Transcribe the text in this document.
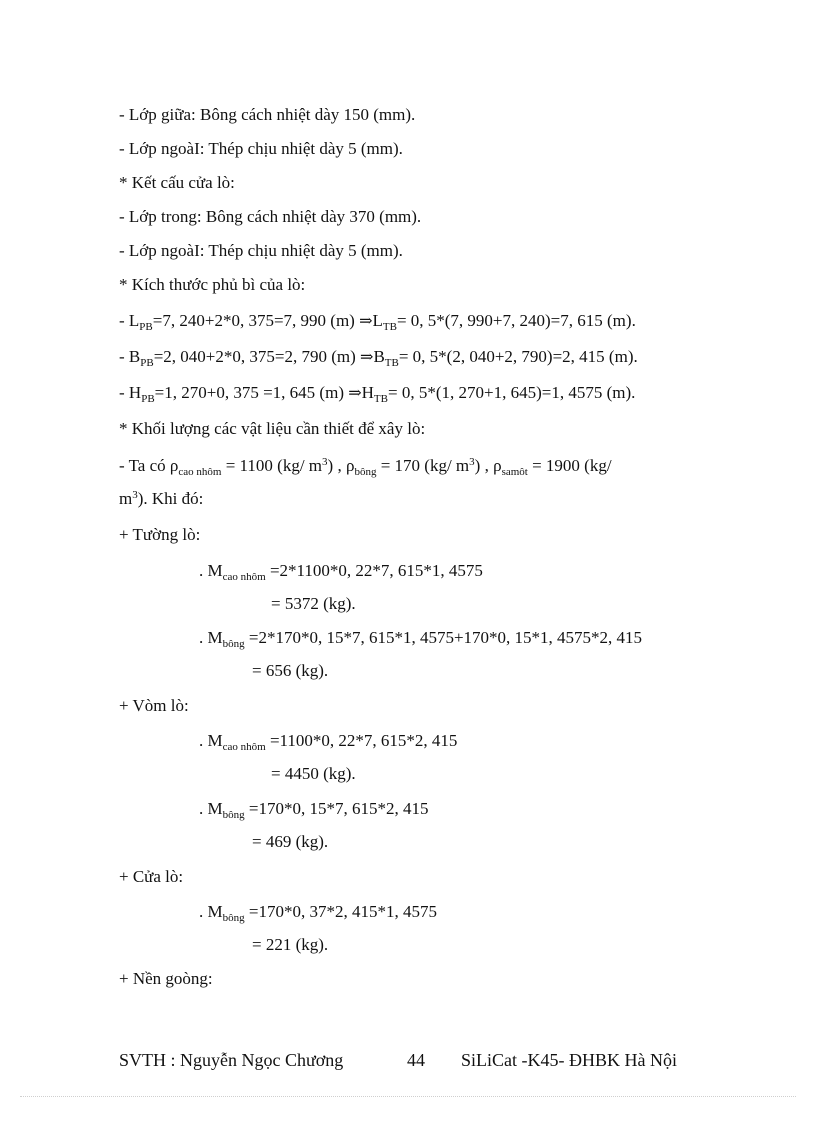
- Lớp giữa: Bông cách nhiệt dày 150 (mm).
- Lớp ngoàI: Thép chịu nhiệt dày 5 (mm).
* Kết cấu cửa lò:
- Lớp trong: Bông cách nhiệt dày 370 (mm).
- Lớp ngoàI: Thép chịu nhiệt dày 5 (mm).
* Kích thước phủ bì của lò:
- $L_{PB}=7$, 240+2*0, 375=7, 990 (m) $\Rightarrow L_{TB}= 0$, 5*(7, 990+7, 240)=7, 615 (m).
- $B_{PB}=2$, 040+2*0, 375=2, 790 (m) $\Rightarrow B_{TB}= 0$, 5*(2, 040+2, 790)=2, 415 (m).
- $H_{PB}=1$, 270+0, 375 =1, 645 (m) $\Rightarrow H_{TB}= 0$, 5*(1, 270+1, 645)=1, 4575 (m).
* Khối lượng các vật liệu cần thiết để xây lò:
- Ta có $\rho_{cao nhôm} = 1100$ (kg/ $m^3$) , $\rho_{bông} = 170$ (kg/ $m^3$) , $\rho_{samôt} = 1900$ (kg/
$m^3$). Khi đó:
+ Tường lò:
. $M_{cao nhôm} =2*1100*0$, 22*7, 615*1, 4575
= 5372 (kg).
. $M_{bông} =2*170*0$, 15*7, 615*1, 4575+170*0, 15*1, 4575*2, 415
= 656 (kg).
+ Vòm lò:
. $M_{cao nhôm} =1100*0$, 22*7, 615*2, 415
= 4450 (kg).
. $M_{bông} =170*0$, 15*7, 615*2, 415
= 469 (kg).
+ Cửa lò:
. $M_{bông} =170*0$, 37*2, 415*1, 4575
= 221 (kg).
+ Nền goòng:
SVTH : Nguyễn Ngọc Chương	44 SiLiCat -K45- ĐHBK Hà Nội
